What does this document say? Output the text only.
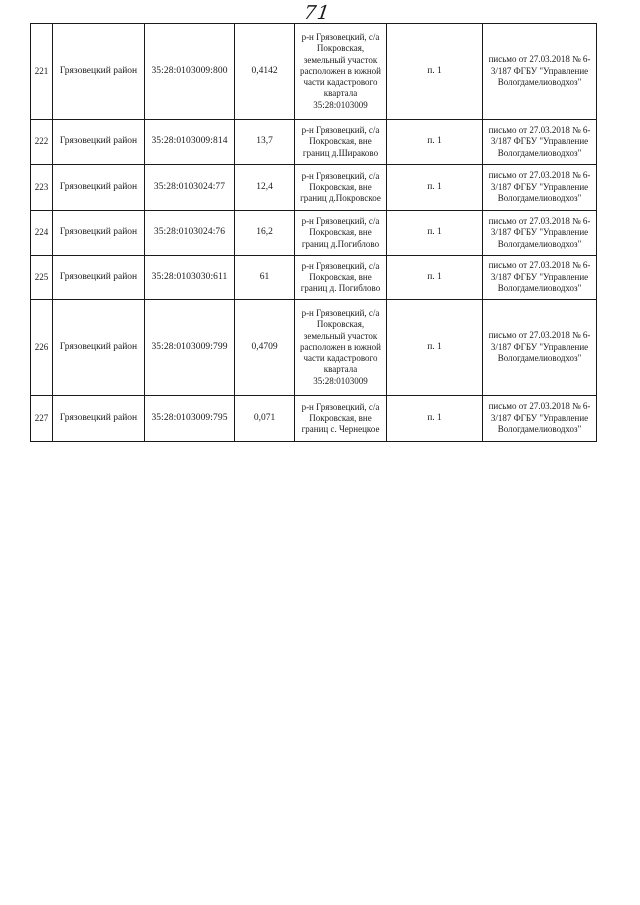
71
221	Грязовецкий район	35:28:0103009:800	0,4142	р-н Грязовецкий, с/а Покровская, земельный участок расположен в южной части кадастрового квартала 35:28:0103009	п. 1	письмо от 27.03.2018 № 6-3/187 ФГБУ "Управление Вологдамелиоводхоз"
222	Грязовецкий район	35:28:0103009:814	13,7	р-н Грязовецкий, с/а Покровская, вне границ д.Шираково	п. 1	письмо от 27.03.2018 № 6-3/187 ФГБУ "Управление Вологдамелиоводхоз"
223	Грязовецкий район	35:28:0103024:77	12,4	р-н Грязовецкий, с/а Покровская, вне границ д.Покровское	п. 1	письмо от 27.03.2018 № 6-3/187 ФГБУ "Управление Вологдамелиоводхоз"
224	Грязовецкий район	35:28:0103024:76	16,2	р-н Грязовецкий, с/а Покровская, вне границ д.Погиблово	п. 1	письмо от 27.03.2018 № 6-3/187 ФГБУ "Управление Вологдамелиоводхоз"
225	Грязовецкий район	35:28:0103030:611	61	р-н Грязовецкий, с/а Покровская, вне границ д. Погиблово	п. 1	письмо от 27.03.2018 № 6-3/187 ФГБУ "Управление Вологдамелиоводхоз"
226	Грязовецкий район	35:28:0103009:799	0,4709	р-н Грязовецкий, с/а Покровская, земельный участок расположен в южной части кадастрового квартала 35:28:0103009	п. 1	письмо от 27.03.2018 № 6-3/187 ФГБУ "Управление Вологдамелиоводхоз"
227	Грязовецкий район	35:28:0103009:795	0,071	р-н Грязовецкий, с/а Покровская, вне границ с. Чернецкое	п. 1	письмо от 27.03.2018 № 6-3/187 ФГБУ "Управление Вологдамелиоводхоз"
